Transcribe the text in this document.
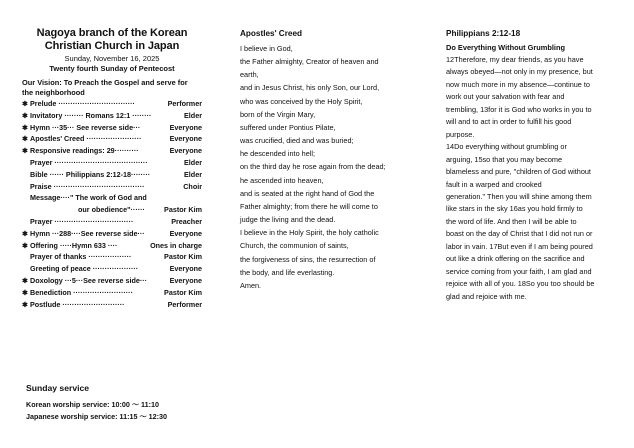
Nagoya branch of the Korean
Christian Church in Japan
Sunday, November 16, 2025
Twenty fourth Sunday of Pentecost
Our Vision: To Preach the Gospel and serve for
the neighborhood
✱ Prelude ································	Performer
✱ Invitatory ········ Romans 12:1 ········	Elder
✱ Hymn ···35··· See reverse side···	Everyone
✱ Apostles' Creed ·······················	Everyone
✱ Responsive readings: 29··········	Everyone
Prayer ·······································	Elder
Bible ······ Philippians 2:12-18········	Elder
Praise ······································	Choir
Message····" The work of God and
our obedience"······	Pastor Kim
Prayer ·································	Preacher
✱ Hymn ···288····See reverse side···	Everyone
✱ Offering ·····Hymn 633 ····	Ones in charge
Prayer of thanks ··················	Pastor Kim
Greeting of peace ···················	Everyone
✱ Doxology ···5···See reverse side···	Everyone
✱ Benediction ·························	Pastor Kim
✱ Postlude ··························	Performer
Sunday service
Korean worship service: 10:00 〜 11:10
Japanese worship service: 11:15 〜 12:30
Apostles' Creed
I believe in God,
the Father almighty, Creator of heaven and
earth,
and in Jesus Christ, his only Son, our Lord,
who was conceived by the Holy Spirit,
born of the Virgin Mary,
suffered under Pontius Pilate,
was crucified, died and was buried;
he descended into hell;
on the third day he rose again from the dead;
he ascended into heaven,
and is seated at the right hand of God the
Father almighty; from there he will come to
judge the living and the dead.
I believe in the Holy Spirit, the holy catholic
Church, the communion of saints,
the forgiveness of sins, the resurrection of
the body, and life everlasting.
Amen.
Philippians 2:12-18
Do Everything Without Grumbling
12Therefore, my dear friends, as you have
always obeyed—not only in my presence, but
now much more in my absence—continue to
work out your salvation with fear and
trembling, 13for it is God who works in you to
will and to act in order to fulfill his good
purpose.
14Do everything without grumbling or
arguing, 15so that you may become
blameless and pure, "children of God without
fault in a warped and crooked
generation." Then you will shine among them
like stars in the sky 16as you hold firmly to
the word of life. And then I will be able to
boast on the day of Christ that I did not run or
labor in vain. 17But even if I am being poured
out like a drink offering on the sacrifice and
service coming from your faith, I am glad and
rejoice with all of you. 18So you too should be
glad and rejoice with me.
